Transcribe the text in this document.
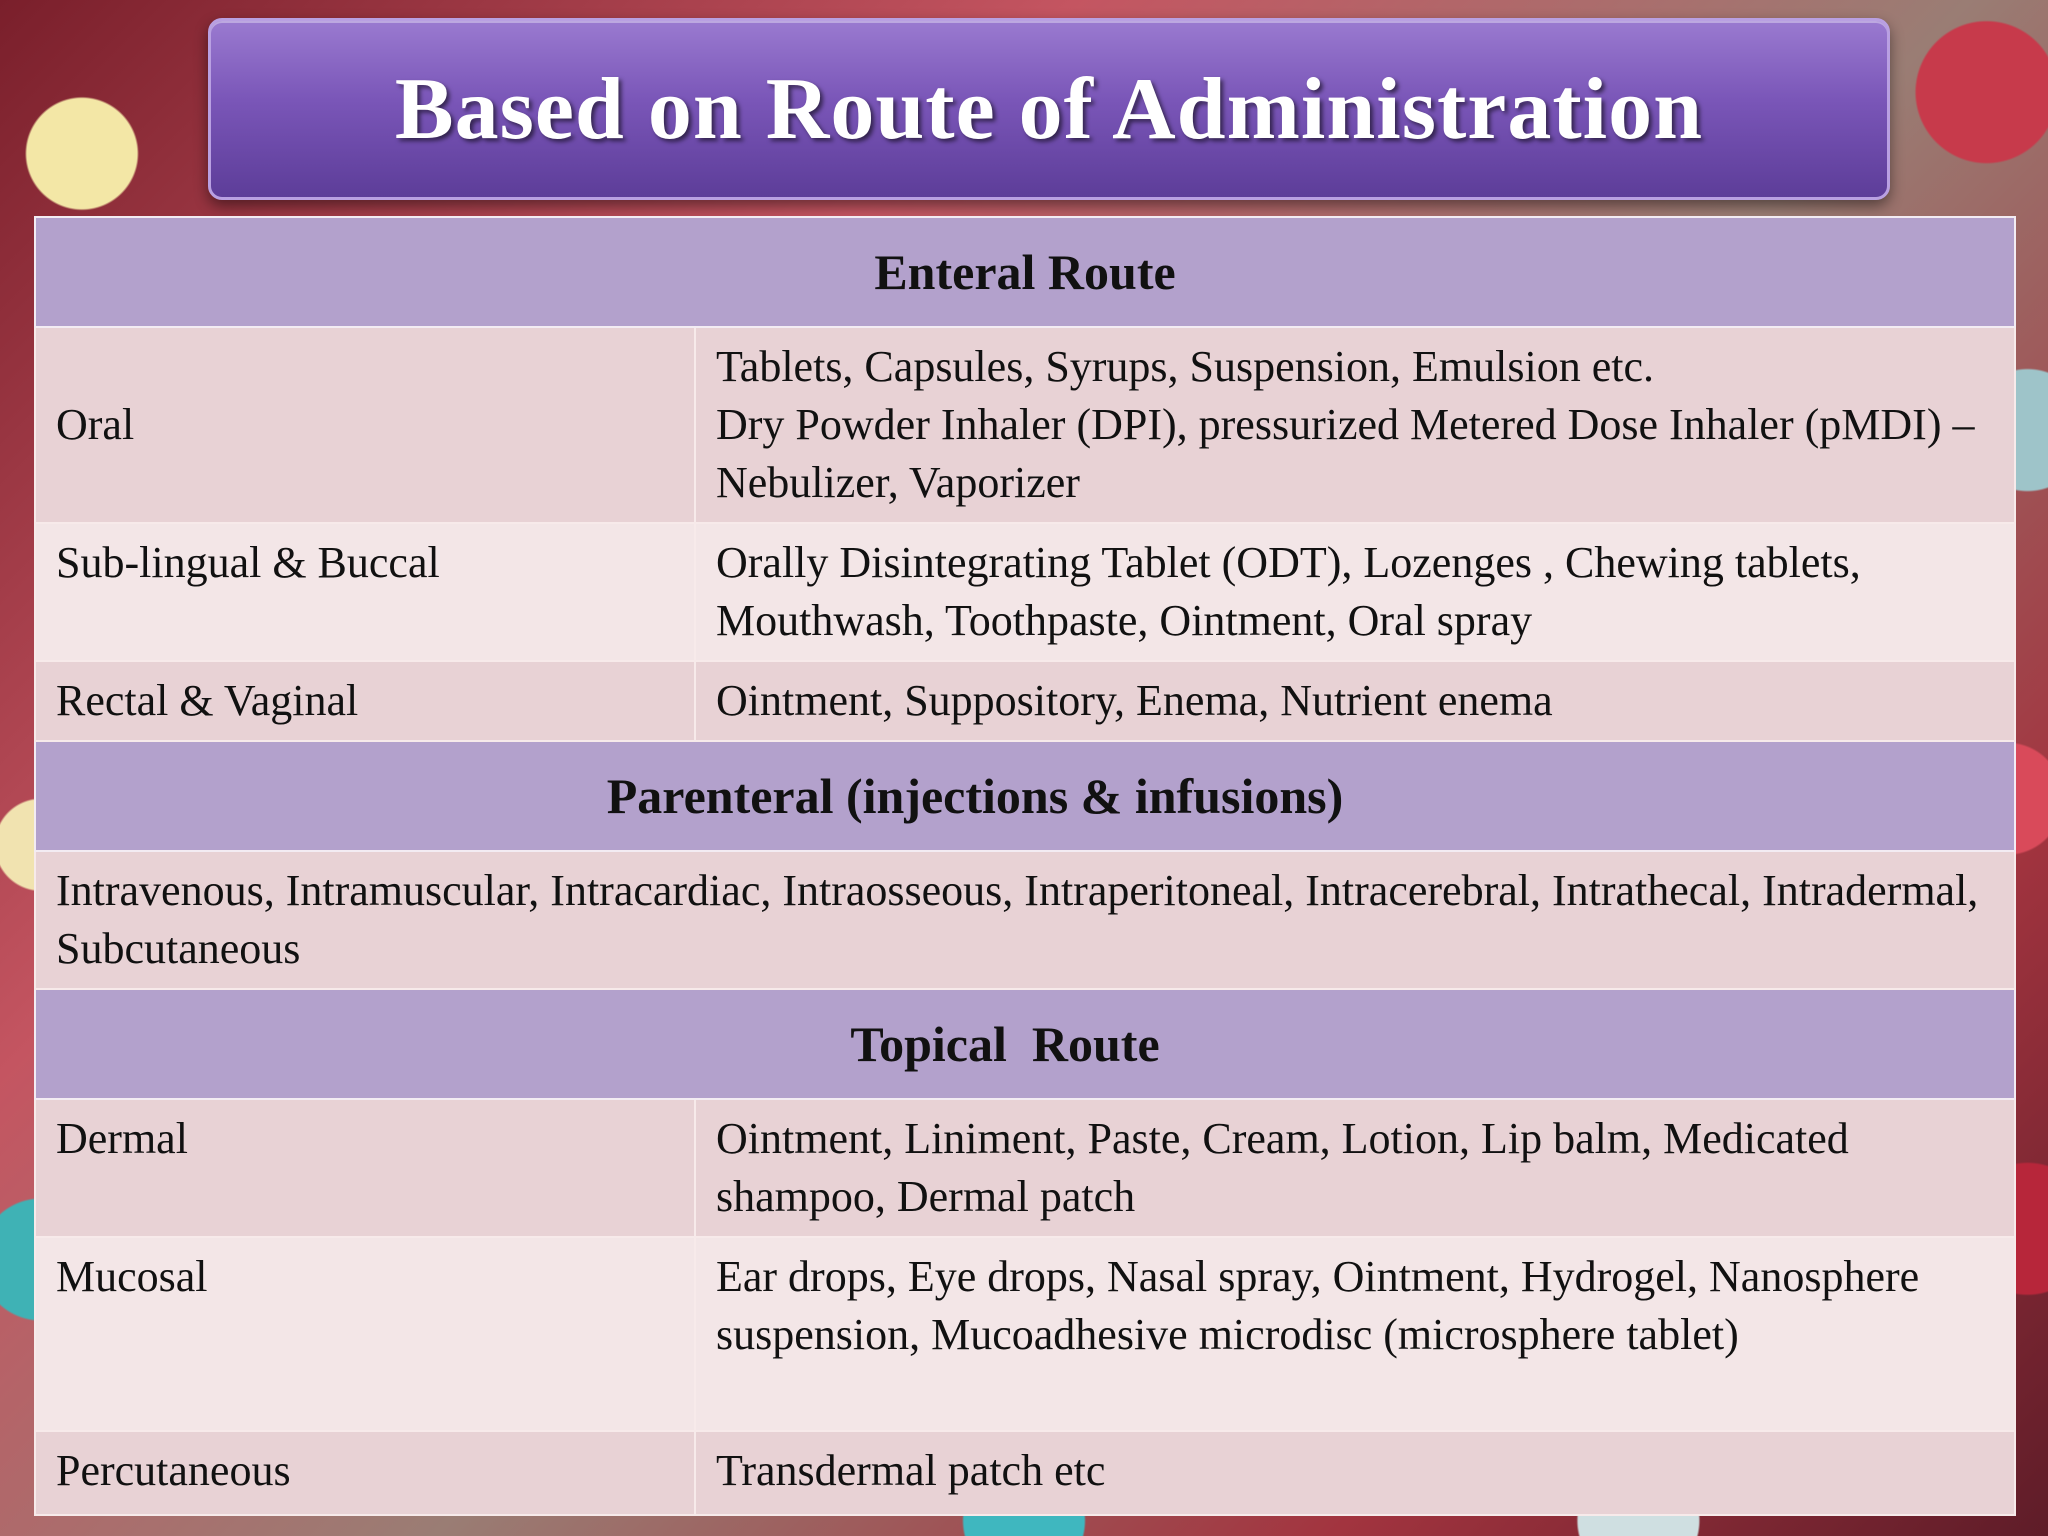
Based on Route of Administration
Enteral Route	
Oral	Tablets, Capsules, Syrups, Suspension, Emulsion etc.
Dry Powder Inhaler (DPI), pressurized Metered Dose Inhaler (pMDI) – Nebulizer, Vaporizer

Sub-lingual & Buccal	Orally Disintegrating Tablet (ODT), Lozenges , Chewing tablets, Mouthwash, Toothpaste, Ointment, Oral spray

Rectal & Vaginal	Ointment, Suppository, Enema, Nutrient enema

Parenteral (injections & infusions)	
Intravenous, Intramuscular, Intracardiac, Intraosseous, Intraperitoneal, Intracerebral, Intrathecal, Intradermal, Subcutaneous	
Topical  Route	
Dermal	Ointment, Liniment, Paste, Cream, Lotion, Lip balm, Medicated shampoo, Dermal patch

Mucosal	Ear drops, Eye drops, Nasal spray, Ointment, Hydrogel, Nanosphere suspension, Mucoadhesive microdisc (microsphere tablet)

Percutaneous	Transdermal patch etc
